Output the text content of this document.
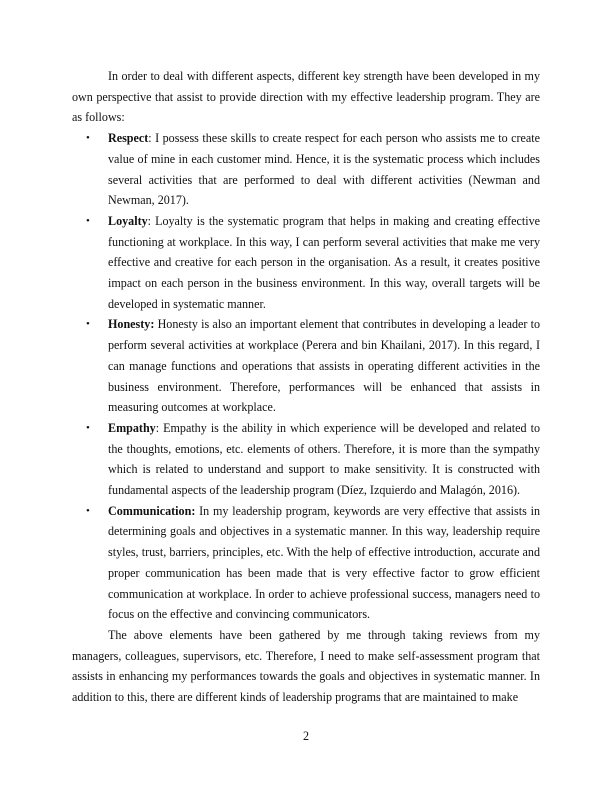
In order to deal with different aspects, different key strength have been developed in my own perspective that assist to provide direction with my effective leadership program. They are as follows:

• Respect: I possess these skills to create respect for each person who assists me to create value of mine in each customer mind. Hence, it is the systematic process which includes several activities that are performed to deal with different activities (Newman and Newman, 2017).
• Loyalty: Loyalty is the systematic program that helps in making and creating effective functioning at workplace. In this way, I can perform several activities that make me very effective and creative for each person in the organisation. As a result, it creates positive impact on each person in the business environment. In this way, overall targets will be developed in systematic manner.
• Honesty: Honesty is also an important element that contributes in developing a leader to perform several activities at workplace (Perera and bin Khailani, 2017). In this regard, I can manage functions and operations that assists in operating different activities in the business environment. Therefore, performances will be enhanced that assists in measuring outcomes at workplace.
• Empathy: Empathy is the ability in which experience will be developed and related to the thoughts, emotions, etc. elements of others. Therefore, it is more than the sympathy which is related to understand and support to make sensitivity. It is constructed with fundamental aspects of the leadership program (Díez, Izquierdo and Malagón, 2016).
• Communication: In my leadership program, keywords are very effective that assists in determining goals and objectives in a systematic manner. In this way, leadership require styles, trust, barriers, principles, etc. With the help of effective introduction, accurate and proper communication has been made that is very effective factor to grow efficient communication at workplace. In order to achieve professional success, managers need to focus on the effective and convincing communicators.

The above elements have been gathered by me through taking reviews from my managers, colleagues, supervisors, etc. Therefore, I need to make self-assessment program that assists in enhancing my performances towards the goals and objectives in systematic manner. In addition to this, there are different kinds of leadership programs that are maintained to make

2
